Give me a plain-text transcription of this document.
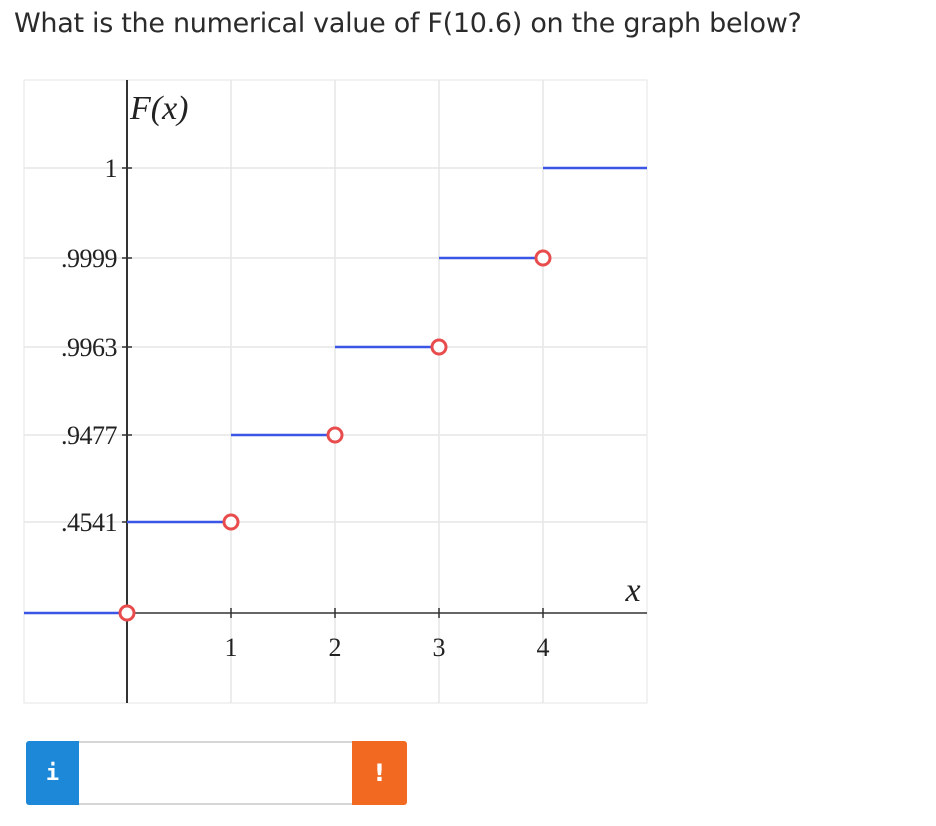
What is the numerical value of F(10.6) on the graph below?
1	2	3	4
.4541
.9477
.9963
.9999
1
F(x)
x
i	!
